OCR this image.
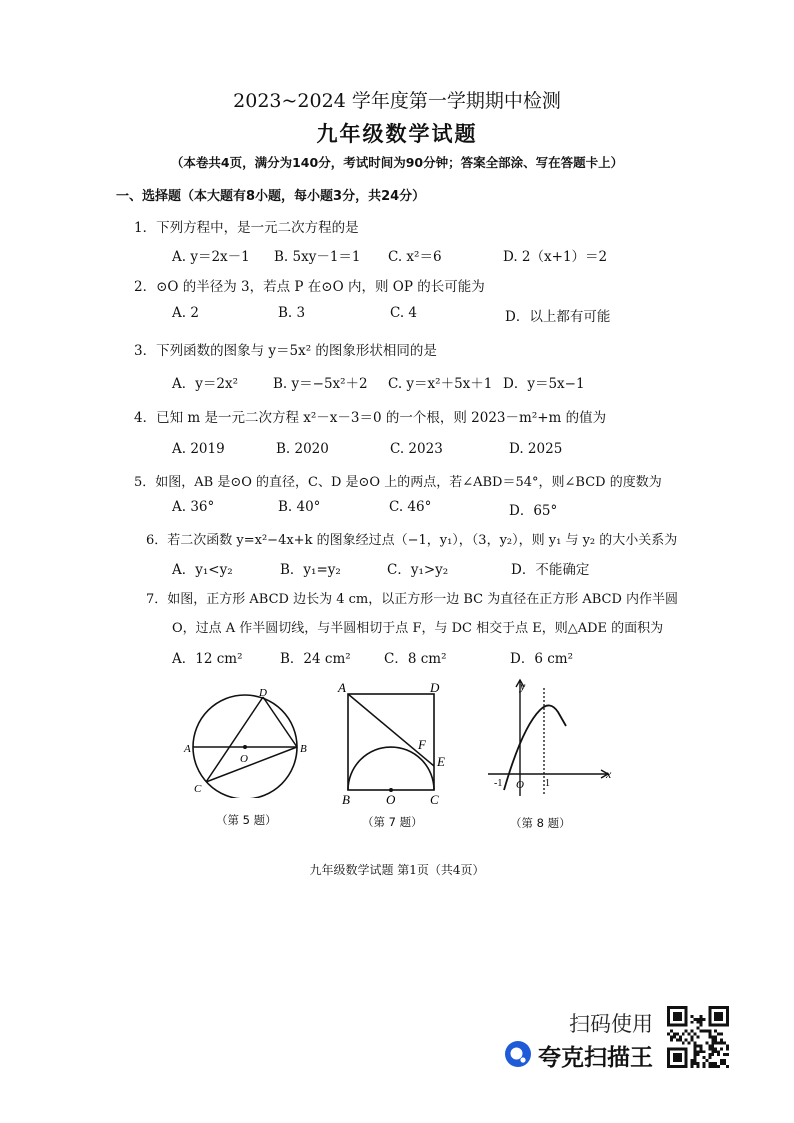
2023~2024 学年度第一学期期中检测
九年级数学试题
（本卷共4页，满分为140分，考试时间为90分钟；答案全部涂、写在答题卡上）
一、选择题（本大题有8小题，每小题3分，共24分）
1．下列方程中，是一元二次方程的是
A. y＝2x－1 B. 5xy－1＝1 C. x²＝6	D. 2（x+1）＝2
2．⊙O 的半径为 3，若点 P 在⊙O 内，则 OP 的长可能为
A. 2	B. 3	C. 4	D．以上都有可能
3．下列函数的图象与 y＝5x² 的图象形状相同的是
A．y＝2x²	B. y＝−5x²＋2 C. y＝x²＋5x＋1 D．y＝5x−1
4．已知 m 是一元二次方程 x²－x－3＝0 的一个根，则 2023－m²+m 的值为
A. 2019	B. 2020	C. 2023	D. 2025
5．如图，AB 是⊙O 的直径，C、D 是⊙O 上的两点，若∠ABD＝54°，则∠BCD 的度数为
A. 36°	B. 40°	C. 46°	D．65°
6．若二次函数 y=x²−4x+k 的图象经过点（−1，y₁），（3，y₂），则 y₁ 与 y₂ 的大小关系为
A．y₁<y₂	B．y₁=y₂	C．y₁>y₂	D．不能确定
7．如图，正方形 ABCD 边长为 4 cm，以正方形一边 BC 为直径在正方形 ABCD 内作半圆
O，过点 A 作半圆切线，与半圆相切于点 F，与 DC 相交于点 E，则△ADE 的面积为
A．12 cm²	B．24 cm² C．8 cm²	D．6 cm²
A	B
C
D
O
（第 5 题）
A	D
B	O	C
F
E
（第 7 题）
y
x
-1 O 1
（第 8 题）
九年级数学试题 第1页（共4页）
扫码使用
夸克扫描王
